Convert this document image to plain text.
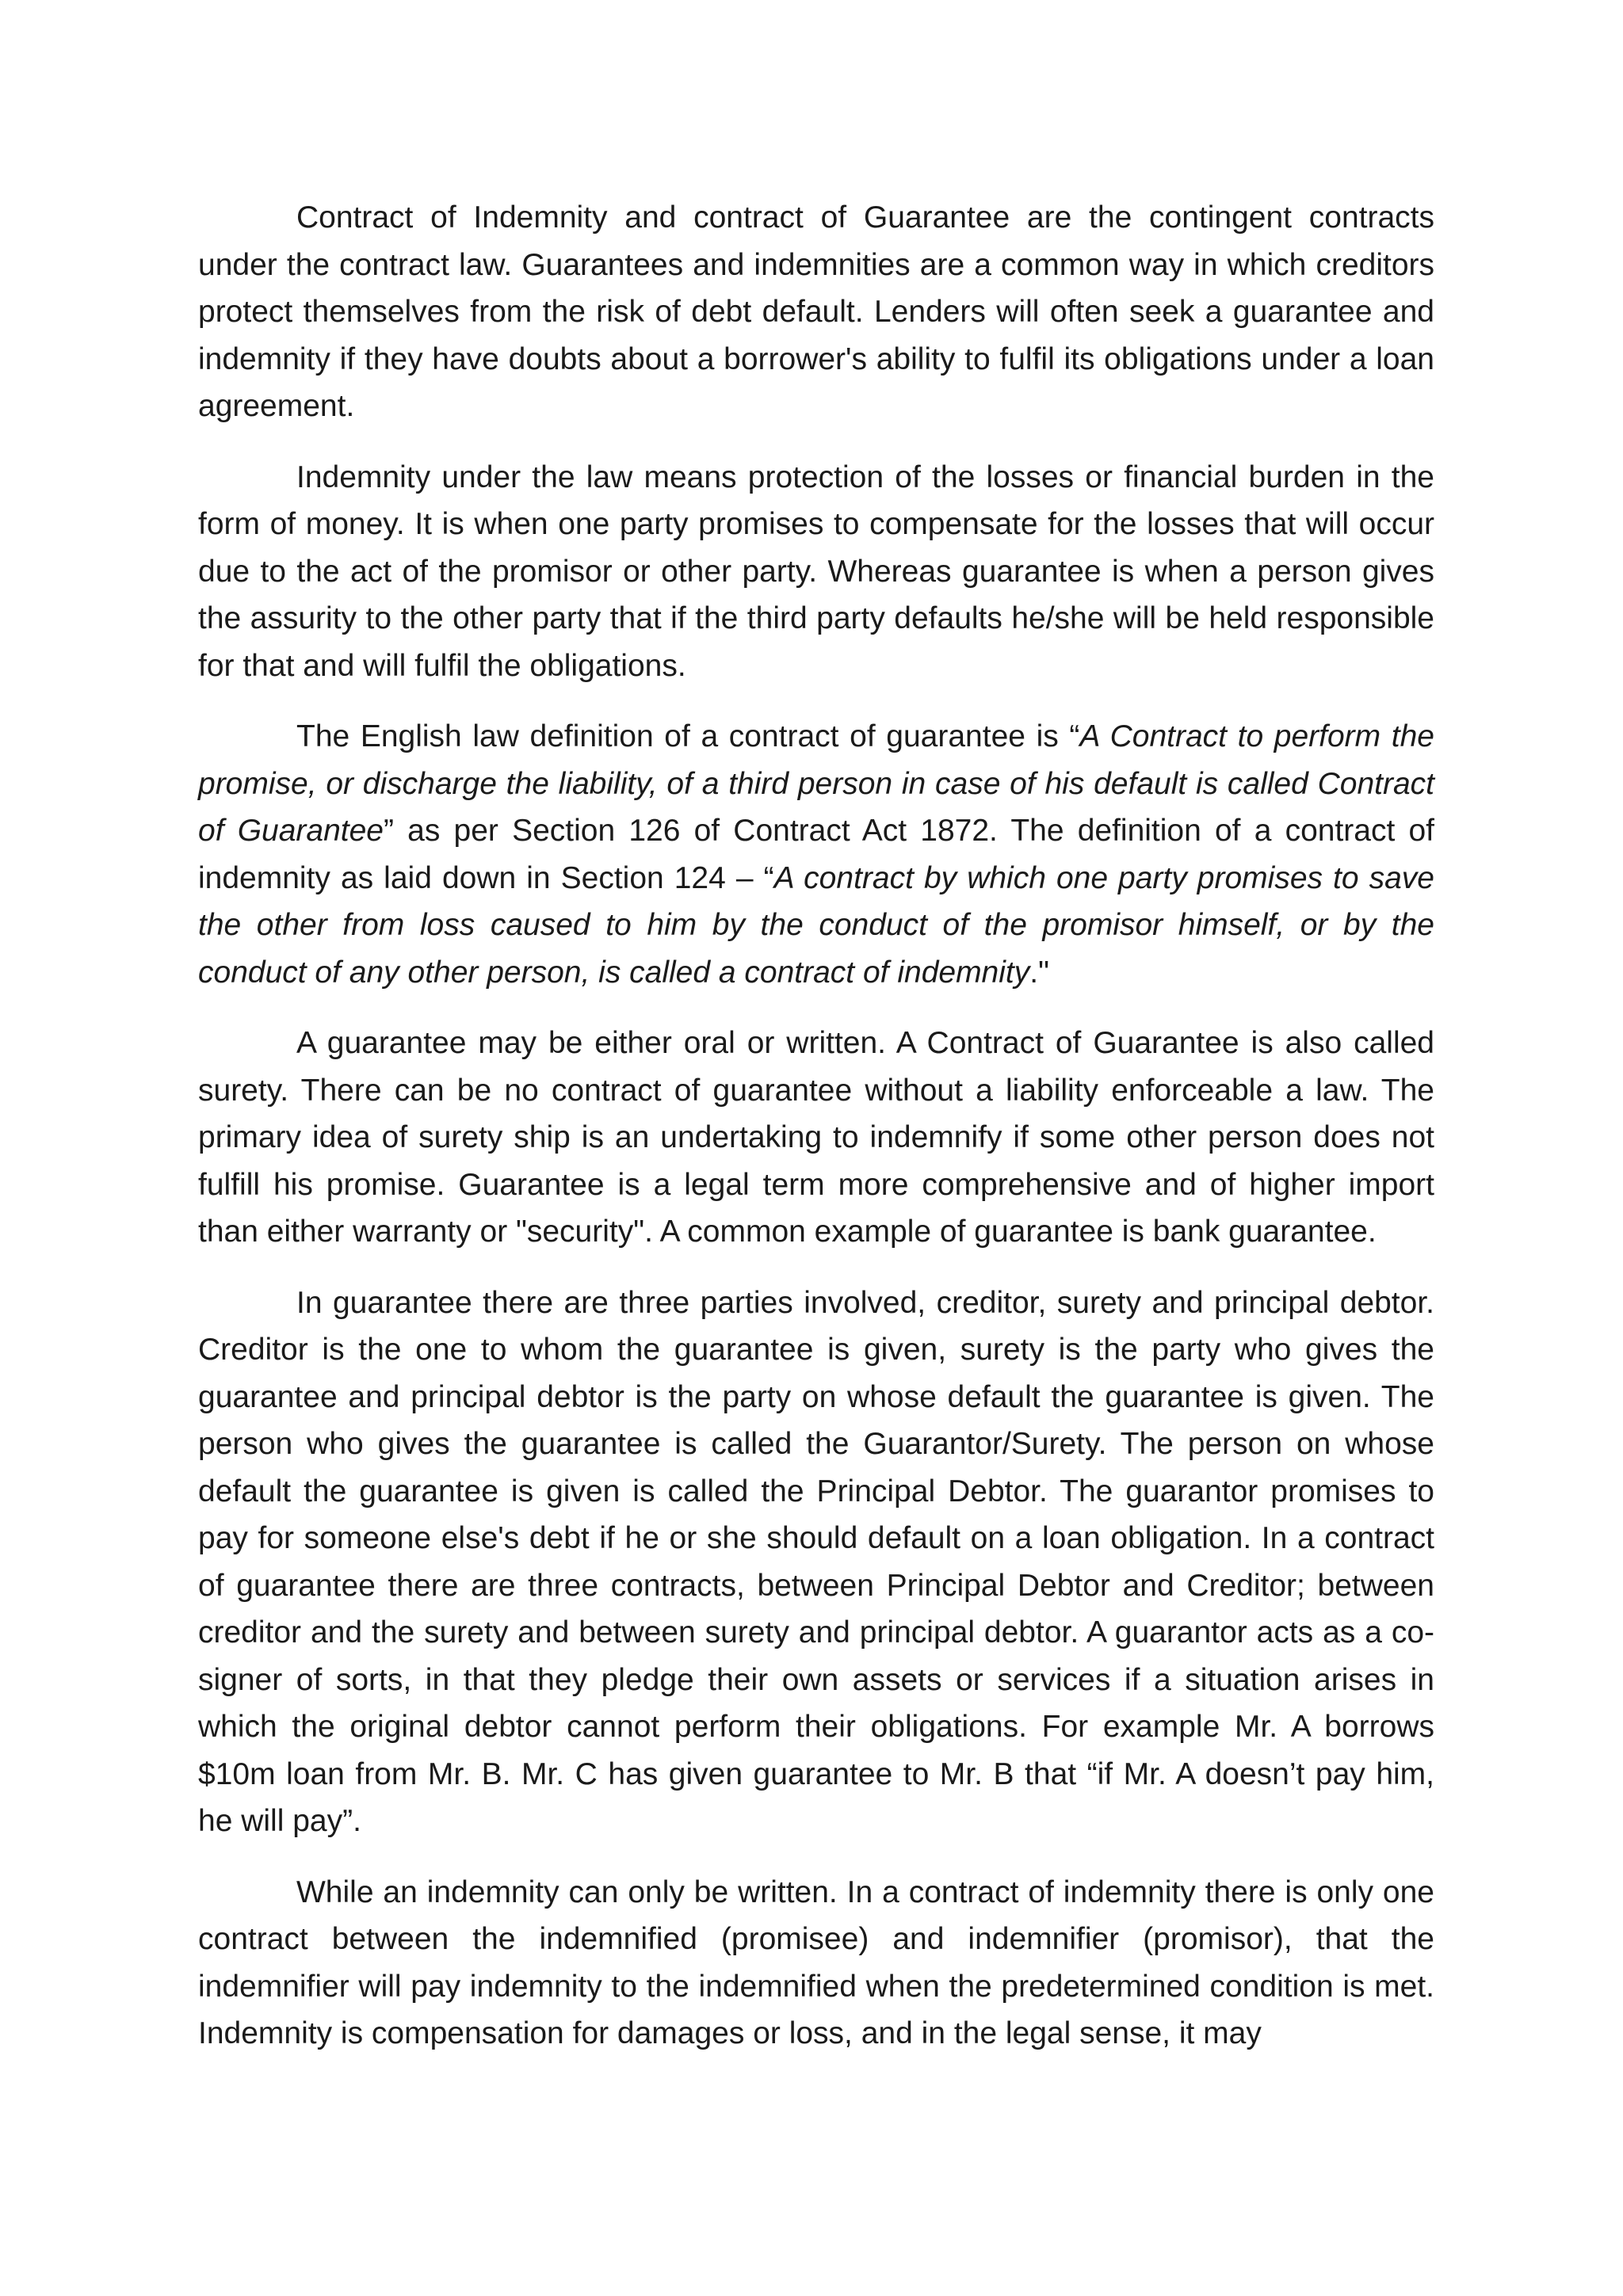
Contract of Indemnity and contract of Guarantee are the contingent contracts under the contract law. Guarantees and indemnities are a common way in which creditors protect themselves from the risk of debt default. Lenders will often seek a guarantee and indemnity if they have doubts about a borrower's ability to fulfil its obligations under a loan agreement.

Indemnity under the law means protection of the losses or financial burden in the form of money. It is when one party promises to compensate for the losses that will occur due to the act of the promisor or other party. Whereas guarantee is when a person gives the assurity to the other party that if the third party defaults he/she will be held responsible for that and will fulfil the obligations.

The English law definition of a contract of guarantee is “A Contract to perform the promise, or discharge the liability, of a third person in case of his default is called Contract of Guarantee” as per Section 126 of Contract Act 1872. The definition of a contract of indemnity as laid down in Section 124 – “A contract by which one party promises to save the other from loss caused to him by the conduct of the promisor himself, or by the conduct of any other person, is called a contract of indemnity."

A guarantee may be either oral or written. A Contract of Guarantee is also called surety. There can be no contract of guarantee without a liability enforceable a law. The primary idea of surety ship is an undertaking to indemnify if some other person does not fulfill his promise. Guarantee is a legal term more comprehensive and of higher import than either warranty or "security". A common example of guarantee is bank guarantee.

In guarantee there are three parties involved, creditor, surety and principal debtor. Creditor is the one to whom the guarantee is given, surety is the party who gives the guarantee and principal debtor is the party on whose default the guarantee is given. The person who gives the guarantee is called the Guarantor/Surety. The person on whose default the guarantee is given is called the Principal Debtor. The guarantor promises to pay for someone else's debt if he or she should default on a loan obligation. In a contract of guarantee there are three contracts, between Principal Debtor and Creditor; between creditor and the surety and between surety and principal debtor. A guarantor acts as a co-signer of sorts, in that they pledge their own assets or services if a situation arises in which the original debtor cannot perform their obligations. For example Mr. A borrows $10m loan from Mr. B. Mr. C has given guarantee to Mr. B that “if Mr. A doesn’t pay him, he will pay”.

While an indemnity can only be written. In a contract of indemnity there is only one contract between the indemnified (promisee) and indemnifier (promisor), that the indemnifier will pay indemnity to the indemnified when the predetermined condition is met. Indemnity is compensation for damages or loss, and in the legal sense, it may
